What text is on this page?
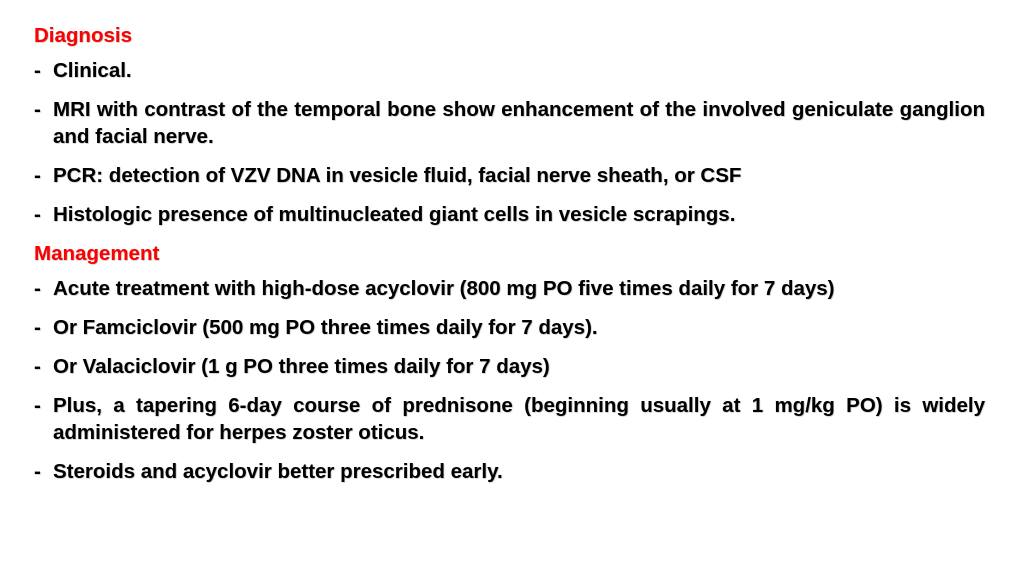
Diagnosis
- Clinical.
- MRI with contrast of the temporal bone show enhancement of the involved geniculate ganglion and facial nerve.
- PCR: detection of VZV DNA in vesicle fluid, facial nerve sheath, or CSF
- Histologic presence of multinucleated giant cells in vesicle scrapings.
Management
- Acute treatment with high-dose acyclovir (800 mg PO five times daily for 7 days)
- Or Famciclovir (500 mg PO three times daily for 7 days).
- Or Valaciclovir (1 g PO three times daily for 7 days)
- Plus, a tapering 6-day course of prednisone (beginning usually at 1 mg/kg PO) is widely administered for herpes zoster oticus.
- Steroids and acyclovir better prescribed early.
